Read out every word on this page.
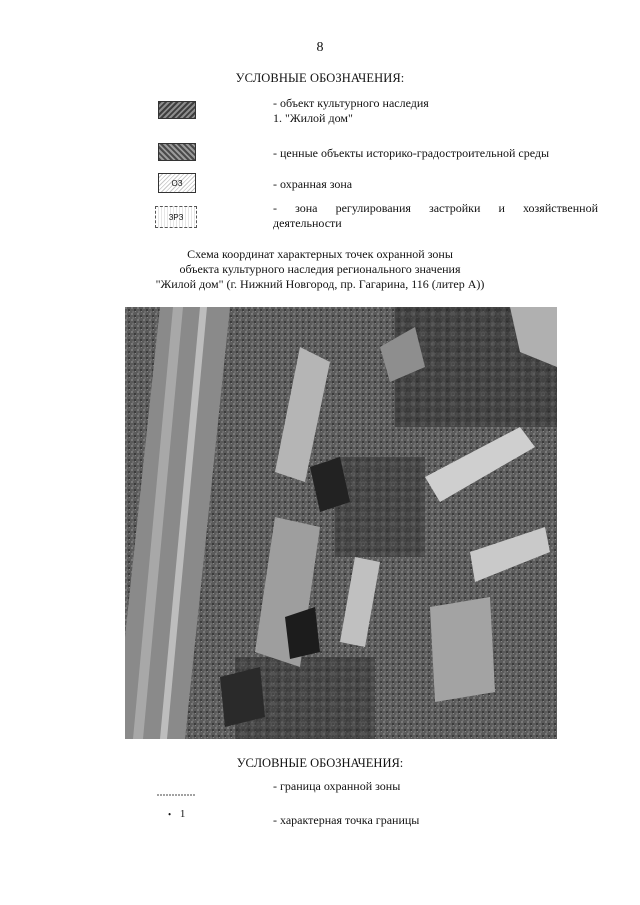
8
УСЛОВНЫЕ ОБОЗНАЧЕНИЯ:
- объект культурного наследия
1. "Жилой дом"
- ценные объекты историко-градостроительной среды
ОЗ	- охранная зона
ЗРЗ
- зона регулирования застройки и хозяйственной
деятельности
Схема координат характерных точек охранной зоны
объекта культурного наследия регионального значения
"Жилой дом" (г. Нижний Новгород, пр. Гагарина, 116 (литер А))
УСЛОВНЫЕ ОБОЗНАЧЕНИЯ:
- граница охранной зоны
• 1	- характерная точка границы
